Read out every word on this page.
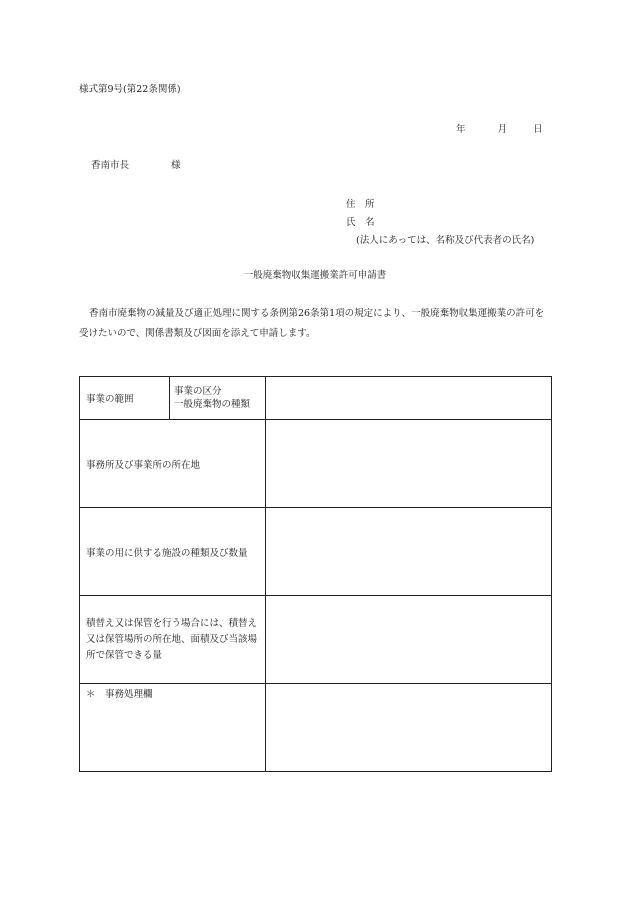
様式第9号(第22条関係)
年	月	日
香南市長	様
住　所
氏　名
(法人にあっては、名称及び代表者の氏名)
一般廃棄物収集運搬業許可申請書
香南市廃棄物の減量及び適正処理に関する条例第26条第1項の規定により、一般廃棄物収集運搬業の許可を受けたいので、関係書類及び図面を添えて申請します。
事業の範囲	事業の区分
一般廃棄物の種類	

事務所及び事業所の所在地		
事業の用に供する施設の種類及び数量		
積替え又は保管を行う場合には、積替え又は保管場所の所在地、面積及び当該場所で保管できる量		
＊　事務処理欄		
